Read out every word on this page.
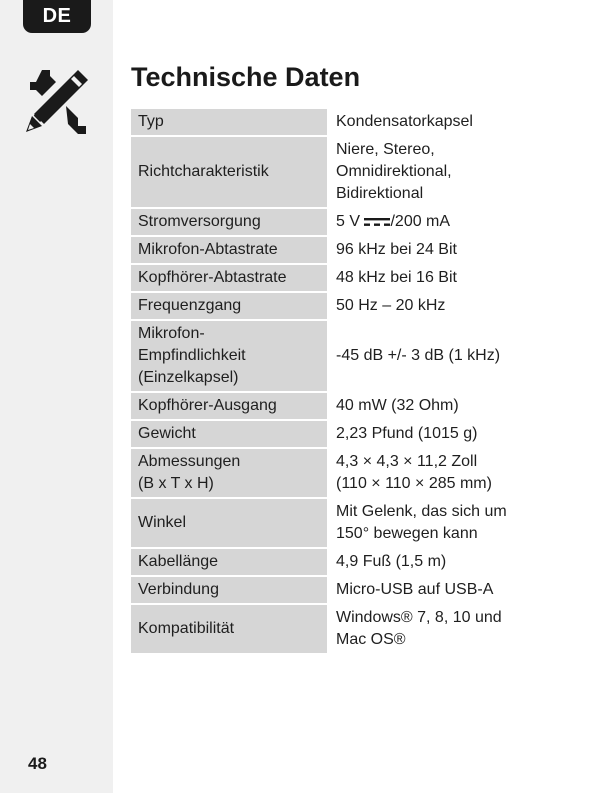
DE
48
Technische Daten
Typ		Kondensatorkapsel
Richtcharakteristik		Niere, Stereo,
Omnidirektional,
Bidirektional
Stromversorgung		5 V /200 mA
Mikrofon-Abtastrate		96 kHz bei 24 Bit
Kopfhörer-Abtastrate		48 kHz bei 16 Bit
Frequenzgang		50 Hz – 20 kHz
Mikrofon-
Empfindlichkeit
(Einzelkapsel)		-45 dB +/- 3 dB (1 kHz)
Kopfhörer-Ausgang		40 mW (32 Ohm)
Gewicht		2,23 Pfund (1015 g)
Abmessungen
(B x T x H)		4,3 × 4,3 × 11,2 Zoll
(110 × 110 × 285 mm)
Winkel		Mit Gelenk, das sich um
150° bewegen kann
Kabellänge		4,9 Fuß (1,5 m)
Verbindung		Micro-USB auf USB-A
Kompatibilität		Windows® 7, 8, 10 und
Mac OS®
